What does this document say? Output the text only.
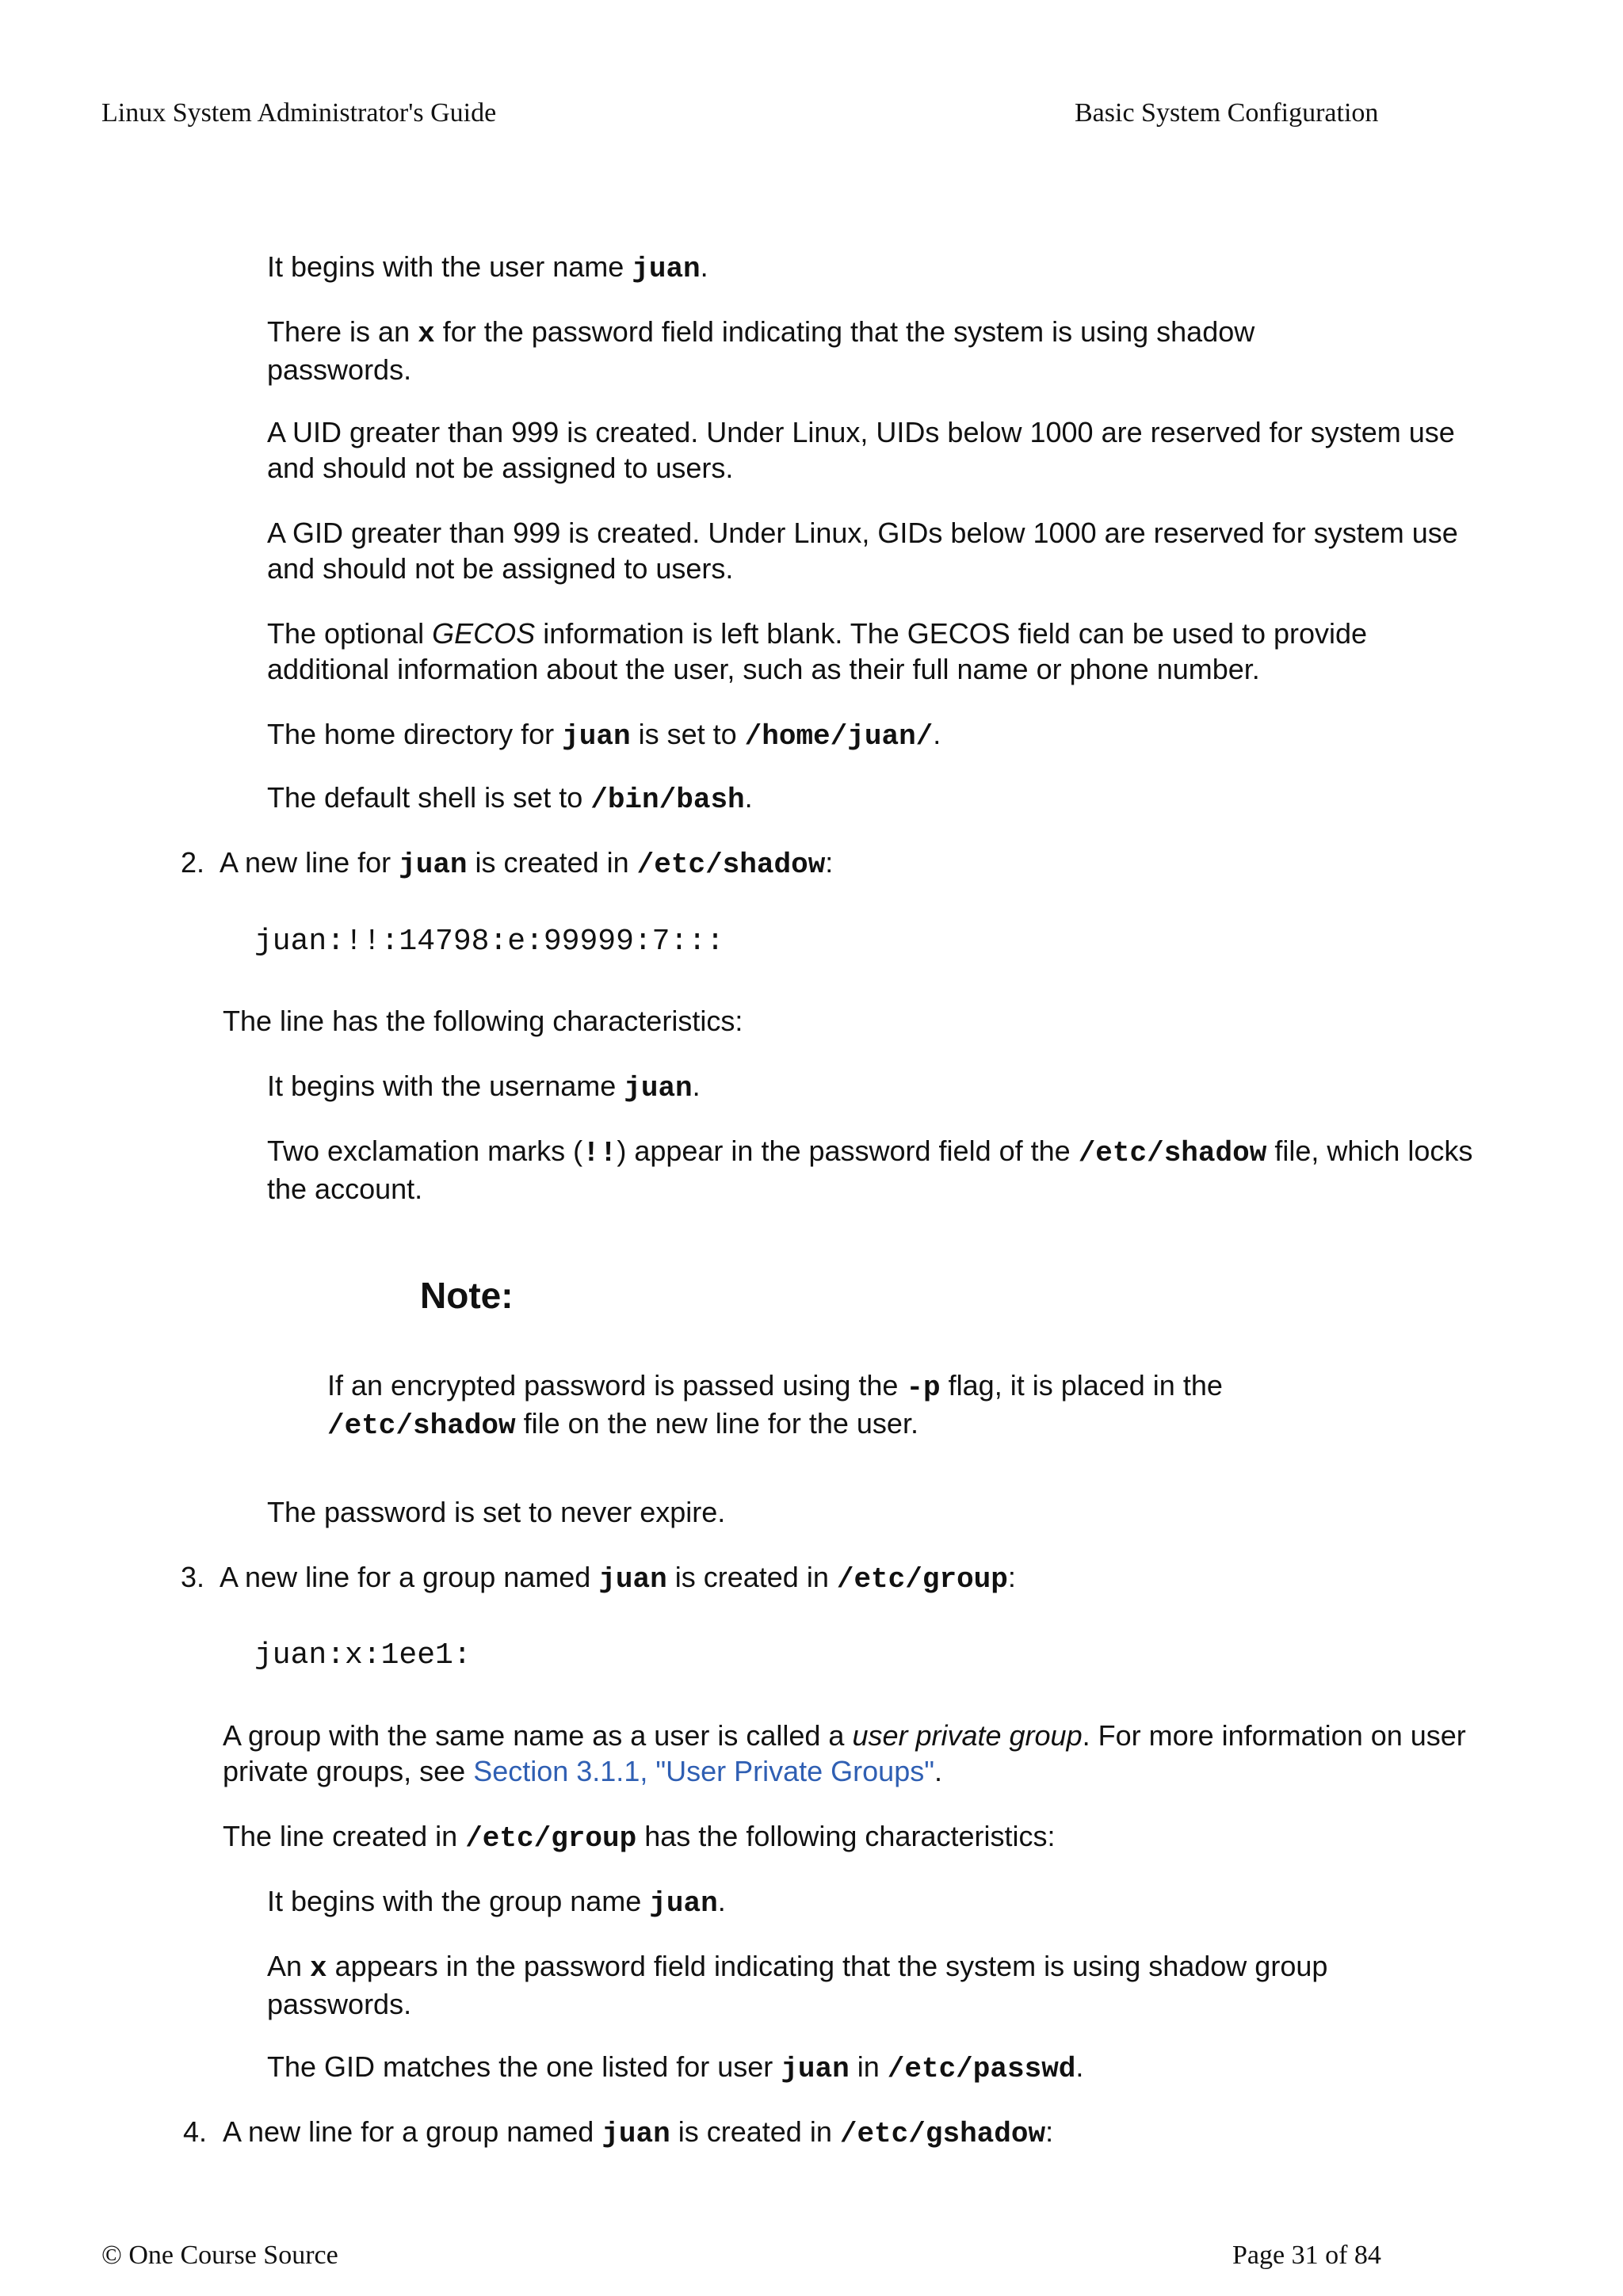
Linux System Administrator's Guide	Basic System Configuration

It begins with the user name juan.

There is an x for the password field indicating that the system is using shadow passwords.

A UID greater than 999 is created. Under Linux, UIDs below 1000 are reserved for system use and should not be assigned to users.

A GID greater than 999 is created. Under Linux, GIDs below 1000 are reserved for system use and should not be assigned to users.

The optional GECOS information is left blank. The GECOS field can be used to provide additional information about the user, such as their full name or phone number.

The home directory for juan is set to /home/juan/.

The default shell is set to /bin/bash.

2. A new line for juan is created in /etc/shadow:

juan:!!:14798:e:99999:7:::

The line has the following characteristics:

It begins with the username juan.

Two exclamation marks (!!) appear in the password field of the /etc/shadow file, which locks the account.

Note:

If an encrypted password is passed using the -p flag, it is placed in the /etc/shadow file on the new line for the user.

The password is set to never expire.

3. A new line for a group named juan is created in /etc/group:

juan:x:1ee1:

A group with the same name as a user is called a user private group. For more information on user private groups, see Section 3.1.1, "User Private Groups".

The line created in /etc/group has the following characteristics:

It begins with the group name juan.

An x appears in the password field indicating that the system is using shadow group passwords.

The GID matches the one listed for user juan in /etc/passwd.

4. A new line for a group named juan is created in /etc/gshadow:

© One Course Source	Page 31 of 84
